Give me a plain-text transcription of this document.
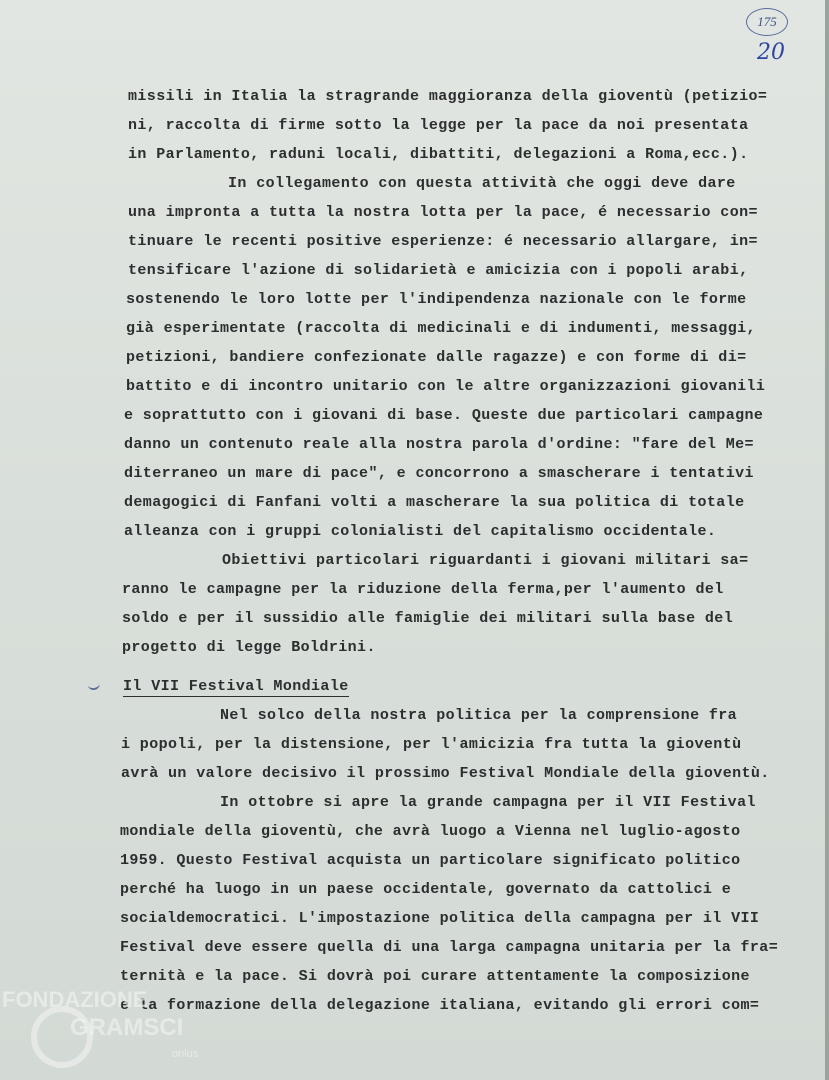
175
20
missili in Italia la stragrande maggioranza della gioventù (petizio=
ni, raccolta di firme sotto la legge per la pace da noi presentata
in Parlamento, raduni locali, dibattiti, delegazioni a Roma,ecc.).
In collegamento con questa attività che oggi deve dare
una impronta a tutta la nostra lotta per la pace, é necessario con=
tinuare le recenti positive esperienze: é necessario allargare, in=
tensificare l'azione di solidarietà e amicizia con i popoli arabi,
sostenendo le loro lotte per l'indipendenza nazionale con le forme
già esperimentate (raccolta di medicinali e di indumenti, messaggi,
petizioni, bandiere confezionate dalle ragazze) e con forme di di=
battito e di incontro unitario con le altre organizzazioni giovanili
e soprattutto con i giovani di base. Queste due particolari campagne
danno un contenuto reale alla nostra parola d'ordine: "fare del Me=
diterraneo un mare di pace", e concorrono a smascherare i tentativi
demagogici di Fanfani volti a mascherare la sua politica di totale
alleanza con i gruppi colonialisti del capitalismo occidentale.
Obiettivi particolari riguardanti i giovani militari sa=
ranno le campagne per la riduzione della ferma,per l'aumento del
soldo e per il sussidio alle famiglie dei militari sulla base del
progetto di legge Boldrini.
Il VII Festival Mondiale
Nel solco della nostra politica per la comprensione fra
i popoli, per la distensione, per l'amicizia fra tutta la gioventù
avrà un valore decisivo il prossimo Festival Mondiale della gioventù.
In ottobre si apre la grande campagna per il VII Festival
mondiale della gioventù, che avrà luogo a Vienna nel luglio-agosto
1959. Questo Festival acquista un particolare significato politico
perché ha luogo in un paese occidentale, governato da cattolici e
socialdemocratici. L'impostazione politica della campagna per il VII
Festival deve essere quella di una larga campagna unitaria per la fra=
ternità e la pace. Si dovrà poi curare attentamente la composizione
e la formazione della delegazione italiana, evitando gli errori com=
FONDAZIONE
GRAMSCI
onlus
